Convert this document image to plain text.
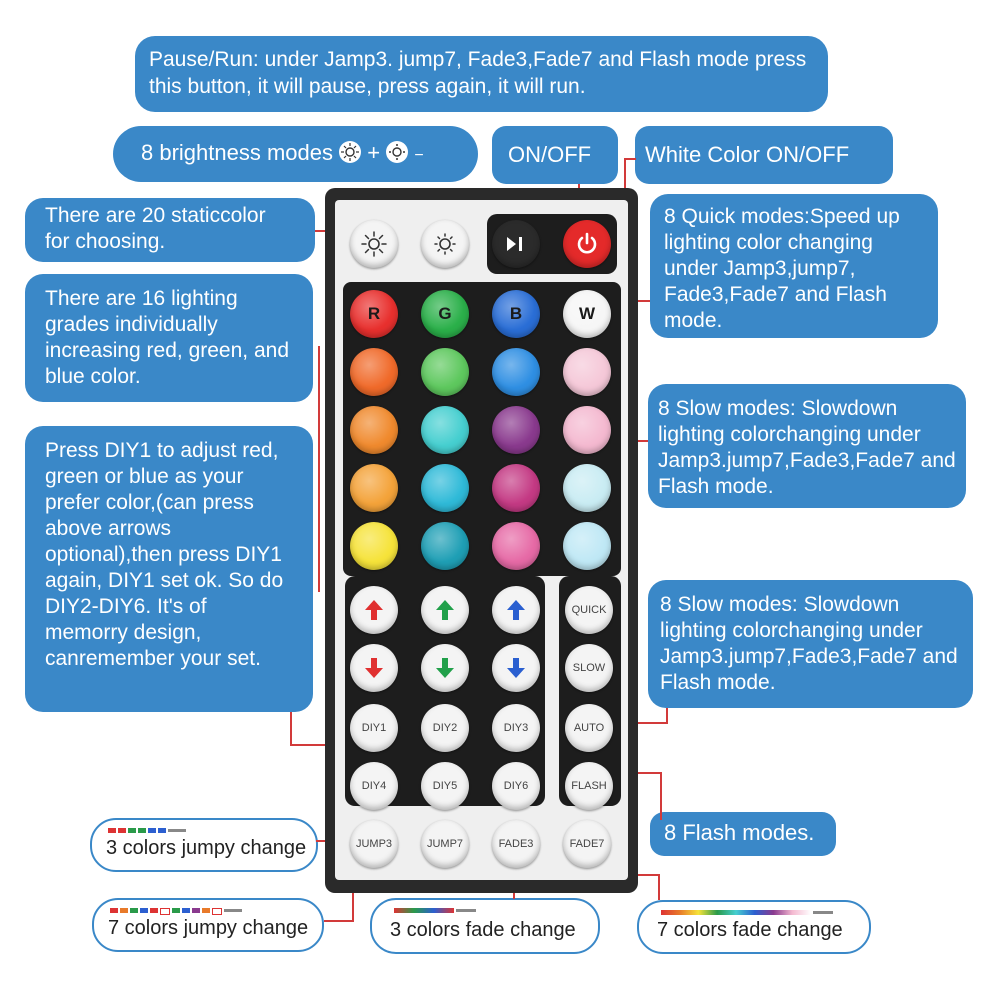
Pause/Run: under Jamp3. jump7, Fade3,Fade7 and Flash mode press this button, it will pause, press again, it will run.
8 brightness modes + −	ON/OFF	White Color ON/OFF
There are 20 staticcolor for choosing.
8 Quick modes:Speed up lighting color changing under Jamp3,jump7, Fade3,Fade7 and Flash mode.
There are 16 lighting grades individually increasing red, green, and blue color.
8 Slow modes: Slowdown lighting colorchanging under Jamp3.jump7,Fade3,Fade7 and Flash mode.
Press DIY1 to adjust red, green or blue as your prefer color,(can press above arrows optional),then press DIY1 again, DIY1 set ok. So do DIY2-DIY6. It's of memorry design, canremember your set.
8 Slow modes: Slowdown lighting colorchanging under Jamp3.jump7,Fade3,Fade7 and Flash mode.
8 Flash modes.
3 colors jumpy change
7 colors jumpy change	3 colors fade change	7 colors fade change
QUICK
SLOW
AUTO
FLASH
JUMP3	JUMP7	FADE3	FADE7
R	G	B	W
DIY1	DIY2	DIY3
DIY4	DIY5	DIY6
